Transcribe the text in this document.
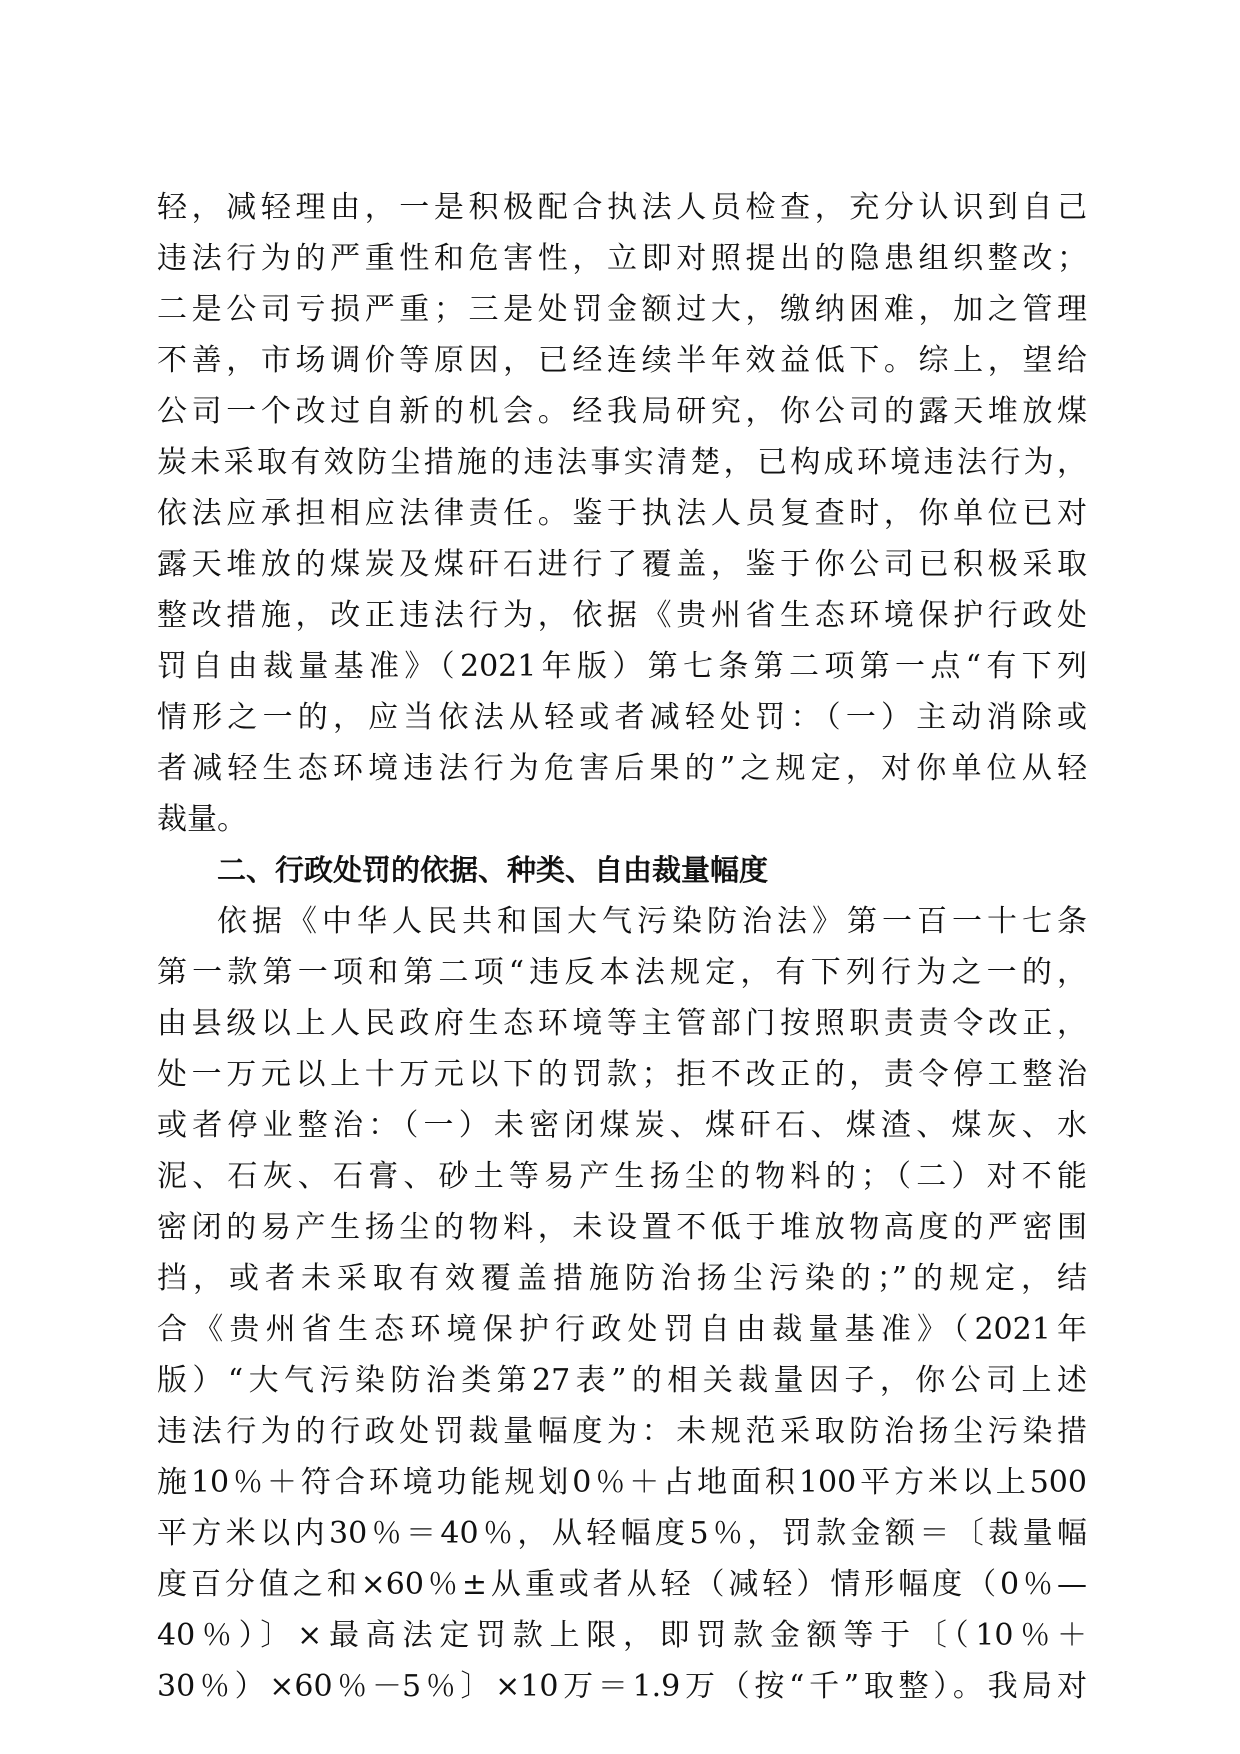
轻，减轻理由，一是积极配合执法人员检查，充分认识到自己

违法行为的严重性和危害性，立即对照提出的隐患组织整改；

二是公司亏损严重；三是处罚金额过大，缴纳困难，加之管理

不善，市场调价等原因，已经连续半年效益低下。综上，望给

公司一个改过自新的机会。经我局研究，你公司的露天堆放煤

炭未采取有效防尘措施的违法事实清楚，已构成环境违法行为，

依法应承担相应法律责任。鉴于执法人员复查时，你单位已对

露天堆放的煤炭及煤矸石进行了覆盖，鉴于你公司已积极采取

整改措施，改正违法行为，依据《贵州省生态环境保护行政处

罚自由裁量基准》（2021年版）第七条第二项第一点“有下列

情形之一的，应当依法从轻或者减轻处罚：（一）主动消除或

者减轻生态环境违法行为危害后果的”之规定，对你单位从轻

裁量。

二、行政处罚的依据、种类、自由裁量幅度

依据《中华人民共和国大气污染防治法》第一百一十七条

第一款第一项和第二项“违反本法规定，有下列行为之一的，

由县级以上人民政府生态环境等主管部门按照职责责令改正，

处一万元以上十万元以下的罚款；拒不改正的，责令停工整治

或者停业整治：（一）未密闭煤炭、煤矸石、煤渣、煤灰、水

泥、石灰、石膏、砂土等易产生扬尘的物料的；（二）对不能

密闭的易产生扬尘的物料，未设置不低于堆放物高度的严密围

挡，或者未采取有效覆盖措施防治扬尘污染的；”的规定，结

合《贵州省生态环境保护行政处罚自由裁量基准》（2021年

版）“大气污染防治类第27表”的相关裁量因子，你公司上述

违法行为的行政处罚裁量幅度为：未规范采取防治扬尘污染措

施10％＋符合环境功能规划0％＋占地面积100平方米以上500

平方米以内30％＝40％，从轻幅度5％，罚款金额＝〔裁量幅

度百分值之和×60％±从重或者从轻（减轻）情形幅度（0％—

40％）〕×最高法定罚款上限，即罚款金额等于〔（10％＋

30％）×60％－5％〕×10万＝1.9万（按“千”取整）。我局对
